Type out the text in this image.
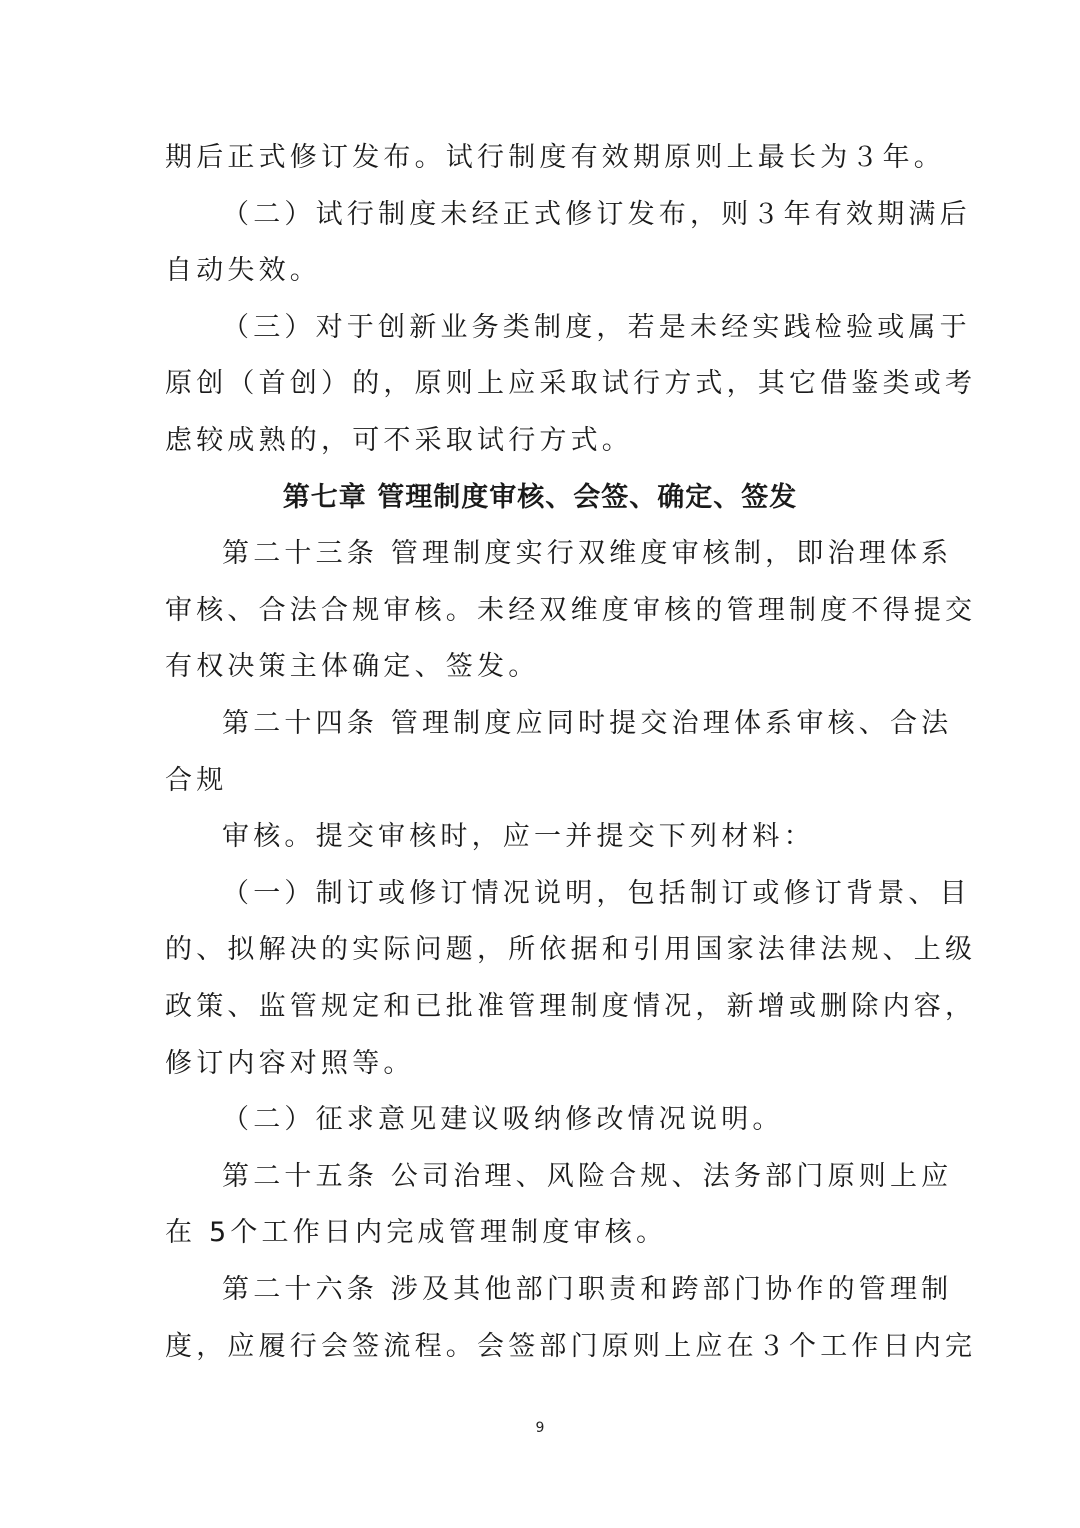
期后正式修订发布。试行制度有效期原则上最长为３年。
（二）试行制度未经正式修订发布，则３年有效期满后
自动失效。
（三）对于创新业务类制度，若是未经实践检验或属于
原创（首创）的，原则上应采取试行方式，其它借鉴类或考
虑较成熟的，可不采取试行方式。
第七章 管理制度审核、会签、确定、签发
第二十三条 管理制度实行双维度审核制，即治理体系
审核、合法合规审核。未经双维度审核的管理制度不得提交
有权决策主体确定、签发。
第二十四条 管理制度应同时提交治理体系审核、合法
合规
审核。提交审核时，应一并提交下列材料：
（一）制订或修订情况说明，包括制订或修订背景、目
的、拟解决的实际问题，所依据和引用国家法律法规、上级
政策、监管规定和已批准管理制度情况，新增或删除内容，
修订内容对照等。
（二）征求意见建议吸纳修改情况说明。
第二十五条 公司治理、风险合规、法务部门原则上应
在 5个工作日内完成管理制度审核。
第二十六条 涉及其他部门职责和跨部门协作的管理制
度，应履行会签流程。会签部门原则上应在３个工作日内完
9
